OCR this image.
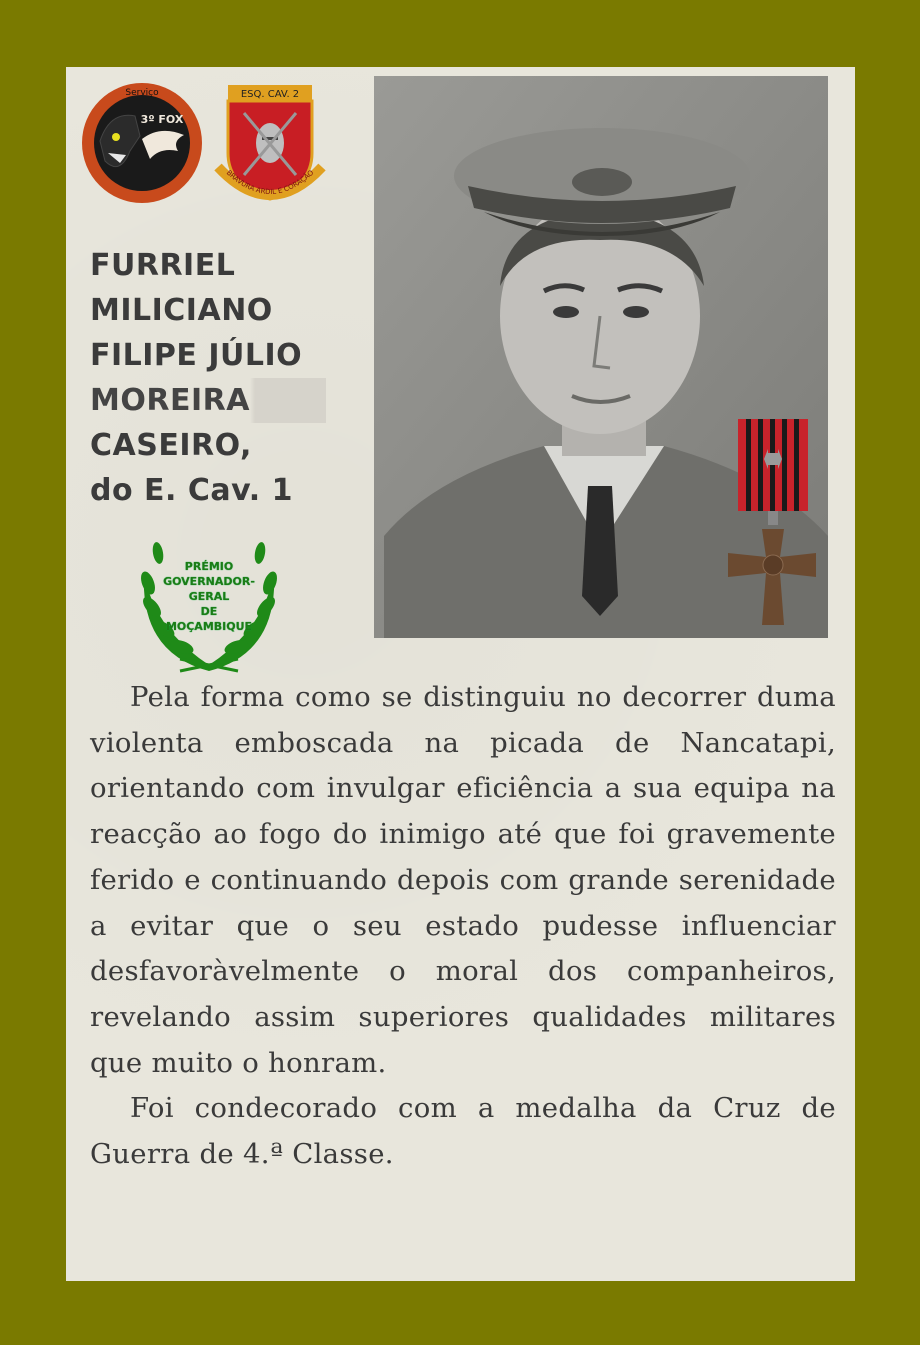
3º FOX
Serviço	ESQ. CAV. 2
BRAVURA ARDIL E CORAÇÃO
FURRIEL
MILICIANO
FILIPE JÚLIO
MOREIRA
CASEIRO,
do E. Cav. 1
PRÉMIO
GOVERNADOR-GERAL
DE
MOÇAMBIQUE

Pela forma como se distinguiu no decorrer duma violenta emboscada na picada de Nancatapi, orientando com invulgar eficiência a sua equipa na reacção ao fogo do inimigo até que foi gravemente ferido e continuando depois com grande serenidade a evitar que o seu estado pudesse influenciar desfavoràvelmente o moral dos companheiros, revelando assim superiores qualidades militares que muito o honram.

Foi condecorado com a medalha da Cruz de Guerra de 4.ª Classe.
